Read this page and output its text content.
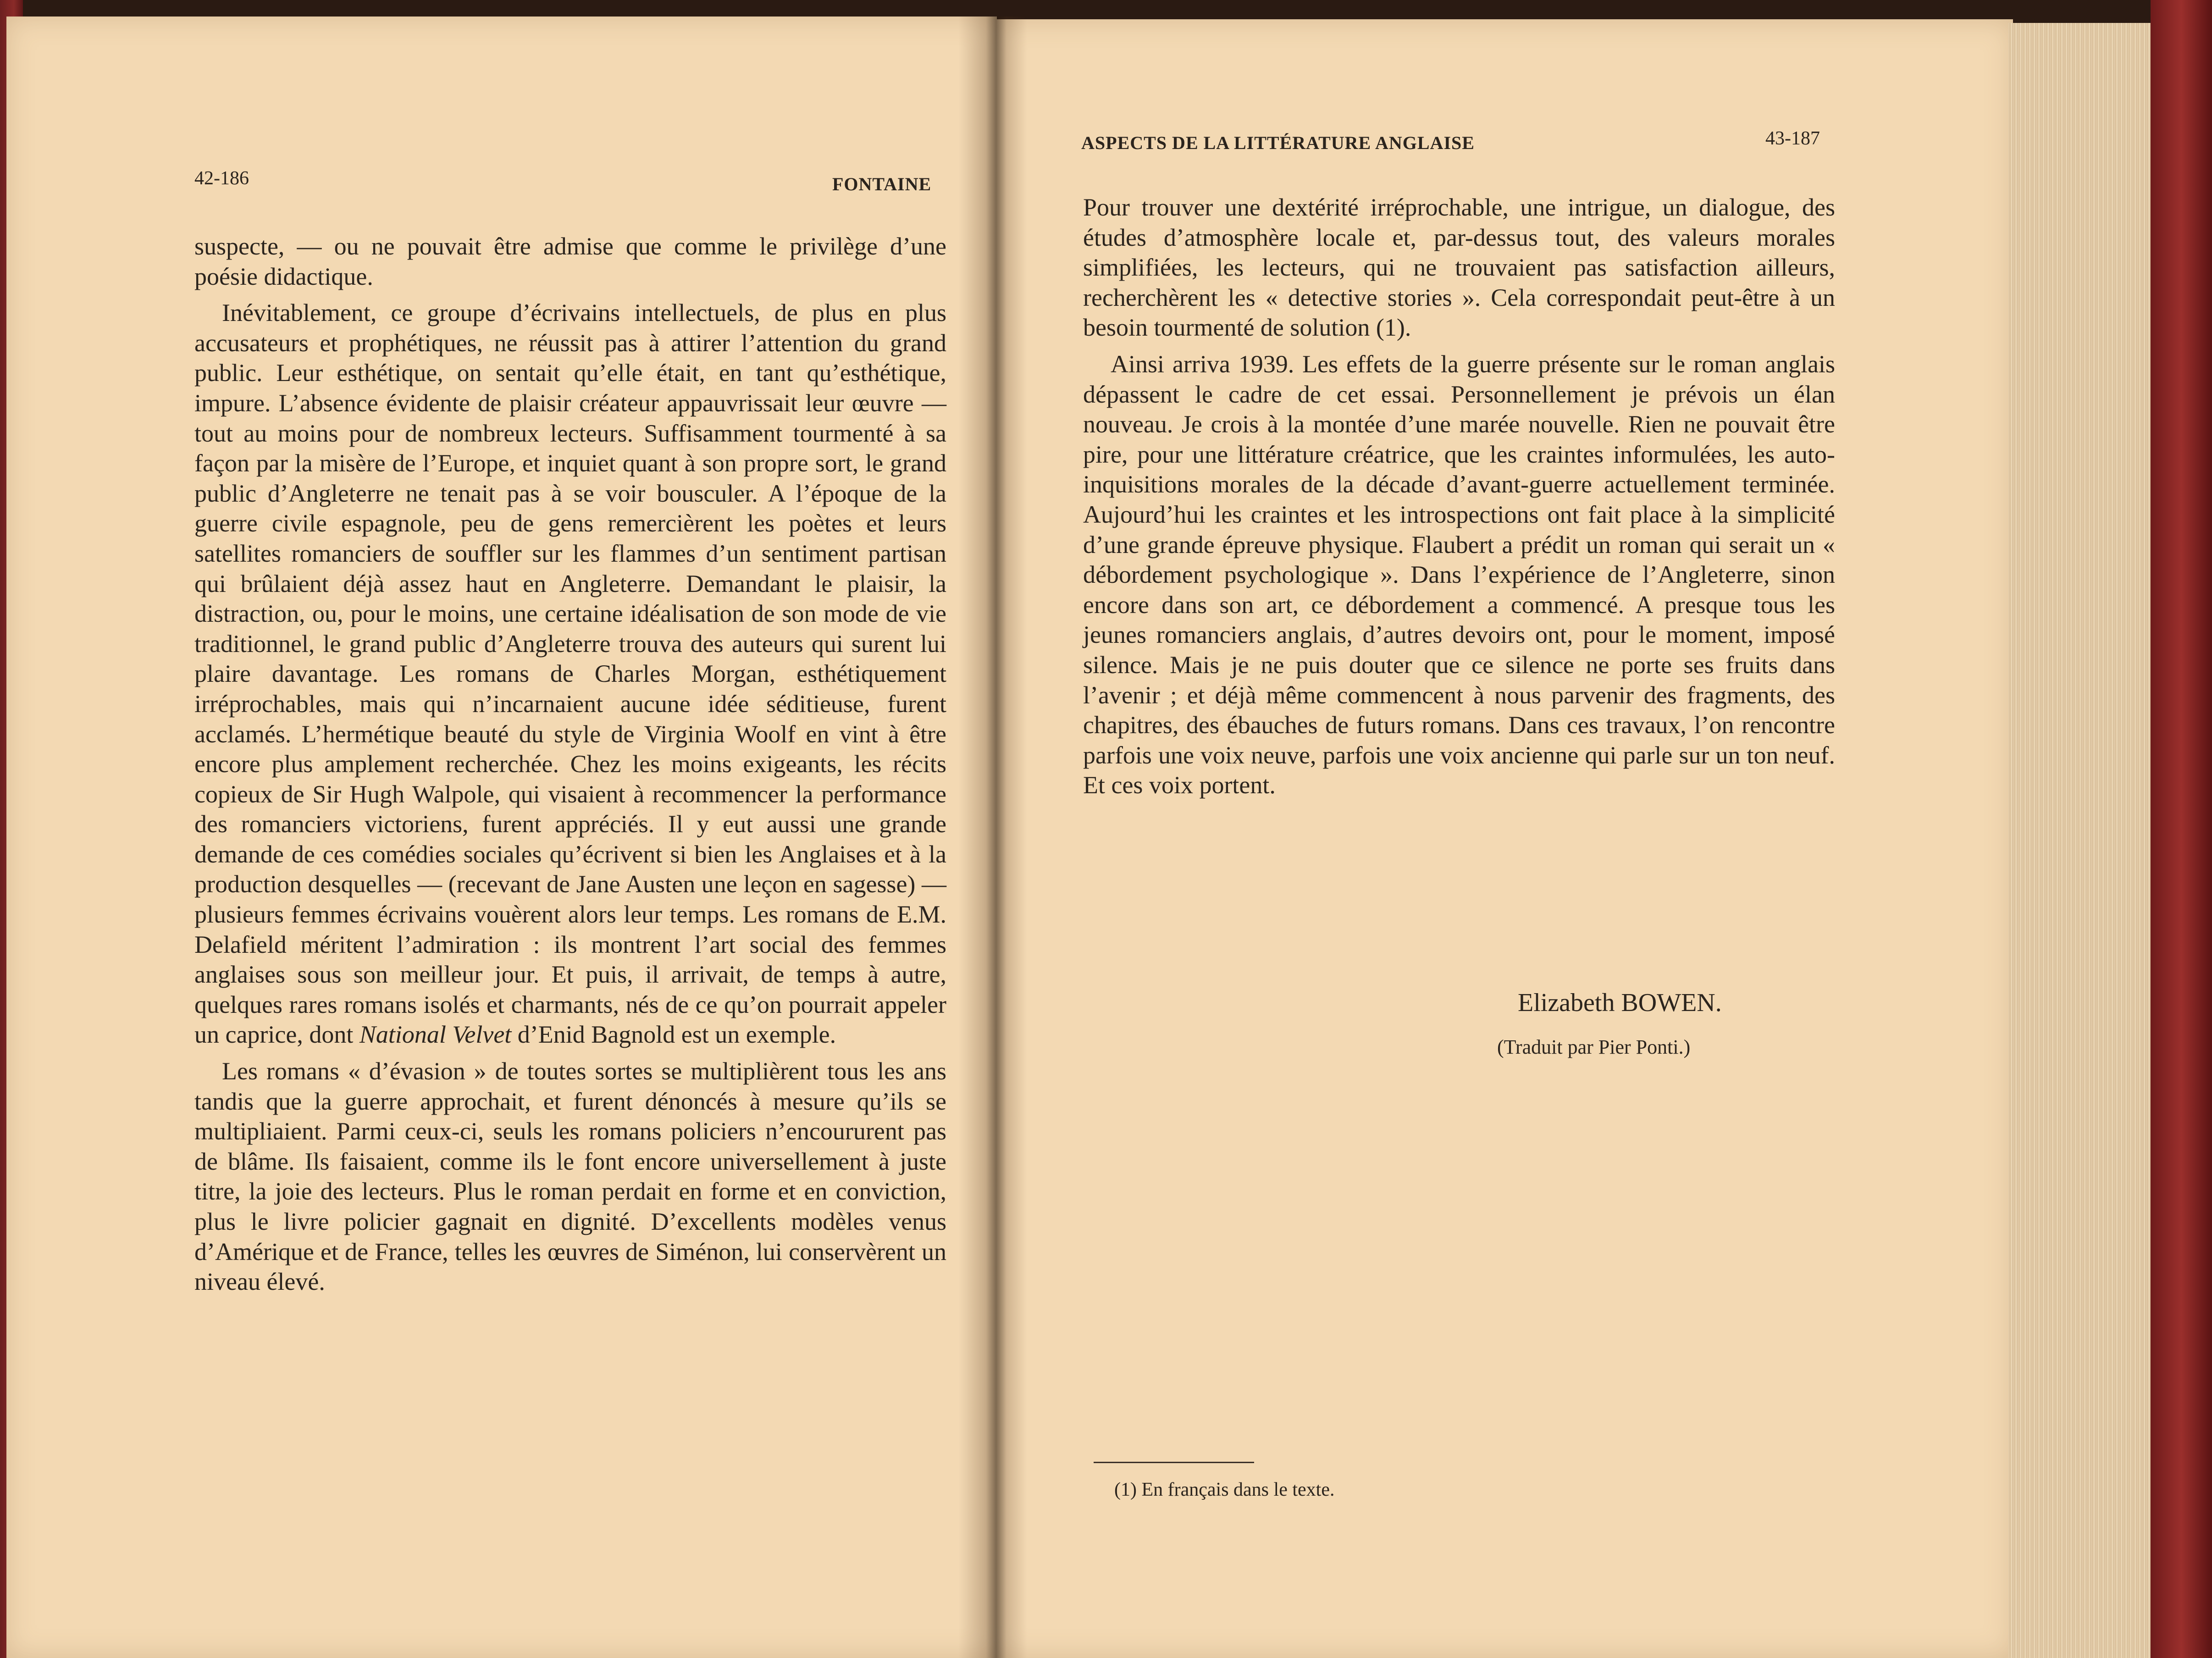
42-186	FONTAINE

suspecte, — ou ne pouvait être admise que comme le privilège d’une poésie didactique.

Inévitablement, ce groupe d’écrivains intellectuels, de plus en plus accusateurs et prophétiques, ne réussit pas à attirer l’attention du grand public. Leur esthétique, on sentait qu’elle était, en tant qu’esthétique, impure. L’absence évidente de plaisir créateur appauvrissait leur œuvre — tout au moins pour de nombreux lecteurs. Suffisamment tourmenté à sa façon par la misère de l’Europe, et inquiet quant à son propre sort, le grand public d’Angleterre ne tenait pas à se voir bousculer. A l’époque de la guerre civile espagnole, peu de gens remercièrent les poètes et leurs satellites romanciers de souffler sur les flammes d’un sentiment partisan qui brûlaient déjà assez haut en Angleterre. Demandant le plaisir, la distraction, ou, pour le moins, une certaine idéalisation de son mode de vie traditionnel, le grand public d’Angleterre trouva des auteurs qui surent lui plaire davantage. Les romans de Charles Morgan, esthétiquement irréprochables, mais qui n’incarnaient aucune idée séditieuse, furent acclamés. L’hermétique beauté du style de Virginia Woolf en vint à être encore plus amplement recherchée. Chez les moins exigeants, les récits copieux de Sir Hugh Walpole, qui visaient à recommencer la performance des romanciers victoriens, furent appréciés. Il y eut aussi une grande demande de ces comédies sociales qu’écrivent si bien les Anglaises et à la production desquelles — (recevant de Jane Austen une leçon en sagesse) — plusieurs femmes écrivains vouèrent alors leur temps. Les romans de E.M. Delafield méritent l’admiration : ils montrent l’art social des femmes anglaises sous son meilleur jour. Et puis, il arrivait, de temps à autre, quelques rares romans isolés et charmants, nés de ce qu’on pourrait appeler un caprice, dont National Velvet d’Enid Bagnold est un exemple.

Les romans « d’évasion » de toutes sortes se multiplièrent tous les ans tandis que la guerre approchait, et furent dénoncés à mesure qu’ils se multipliaient. Parmi ceux-ci, seuls les romans policiers n’encoururent pas de blâme. Ils faisaient, comme ils le font encore universellement à juste titre, la joie des lecteurs. Plus le roman perdait en forme et en conviction, plus le livre policier gagnait en dignité. D’excellents modèles venus d’Amérique et de France, telles les œuvres de Siménon, lui conservèrent un niveau élevé.

ASPECTS DE LA LITTÉRATURE ANGLAISE	43-187

Pour trouver une dextérité irréprochable, une intrigue, un dialogue, des études d’atmosphère locale et, par-dessus tout, des valeurs morales simplifiées, les lecteurs, qui ne trouvaient pas satisfaction ailleurs, recherchèrent les « detective stories ». Cela correspondait peut-être à un besoin tourmenté de solution (1).

Ainsi arriva 1939. Les effets de la guerre présente sur le roman anglais dépassent le cadre de cet essai. Personnellement je prévois un élan nouveau. Je crois à la montée d’une marée nouvelle. Rien ne pouvait être pire, pour une littérature créatrice, que les craintes informulées, les auto-inquisitions morales de la décade d’avant-guerre actuellement terminée. Aujourd’hui les craintes et les introspections ont fait place à la simplicité d’une grande épreuve physique. Flaubert a prédit un roman qui serait un « débordement psychologique ». Dans l’expérience de l’Angleterre, sinon encore dans son art, ce débordement a commencé. A presque tous les jeunes romanciers anglais, d’autres devoirs ont, pour le moment, imposé silence. Mais je ne puis douter que ce silence ne porte ses fruits dans l’avenir ; et déjà même commencent à nous parvenir des fragments, des chapitres, des ébauches de futurs romans. Dans ces travaux, l’on rencontre parfois une voix neuve, parfois une voix ancienne qui parle sur un ton neuf. Et ces voix portent.

Elizabeth BOWEN.
(Traduit par Pier Ponti.)
(1) En français dans le texte.
